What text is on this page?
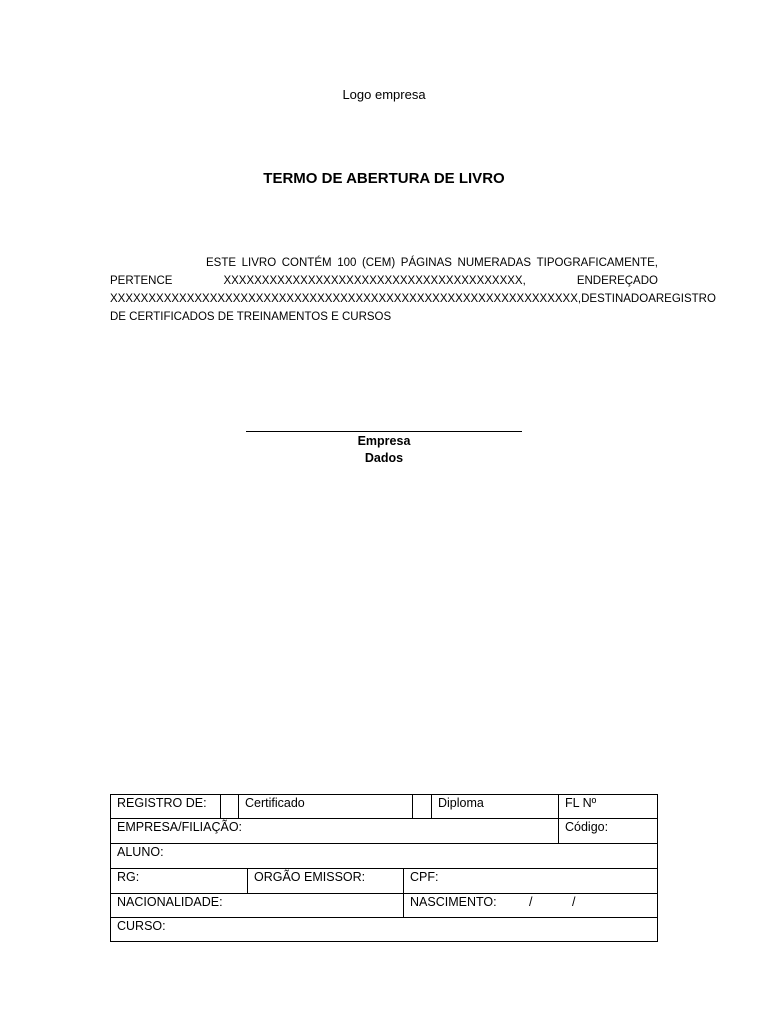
Logo empresa
TERMO DE ABERTURA DE LIVRO
ESTE LIVRO CONTÉM 100 (CEM) PÁGINAS NUMERADAS TIPOGRAFICAMENTE,
PERTENCE	XXXXXXXXXXXXXXXXXXXXXXXXXXXXXXXXXXXXXXX,	ENDEREÇADO
XXXXXXXXXXXXXXXXXXXXXXXXXXXXXXXXXXXXXXXXXXXXXXXXXXXXXXXXXXXXX, DESTINADO A REGISTRO
DE CERTIFICADOS DE TREINAMENTOS E CURSOS
Empresa
Dados
REGISTRO DE:	Certificado	Diploma	FL Nº
EMPRESA/FILIAÇÃO:	Código:
ALUNO:
RG:	ORGÃO EMISSOR:	CPF:
NACIONALIDADE:	NASCIMENTO:	/	/
CURSO:
